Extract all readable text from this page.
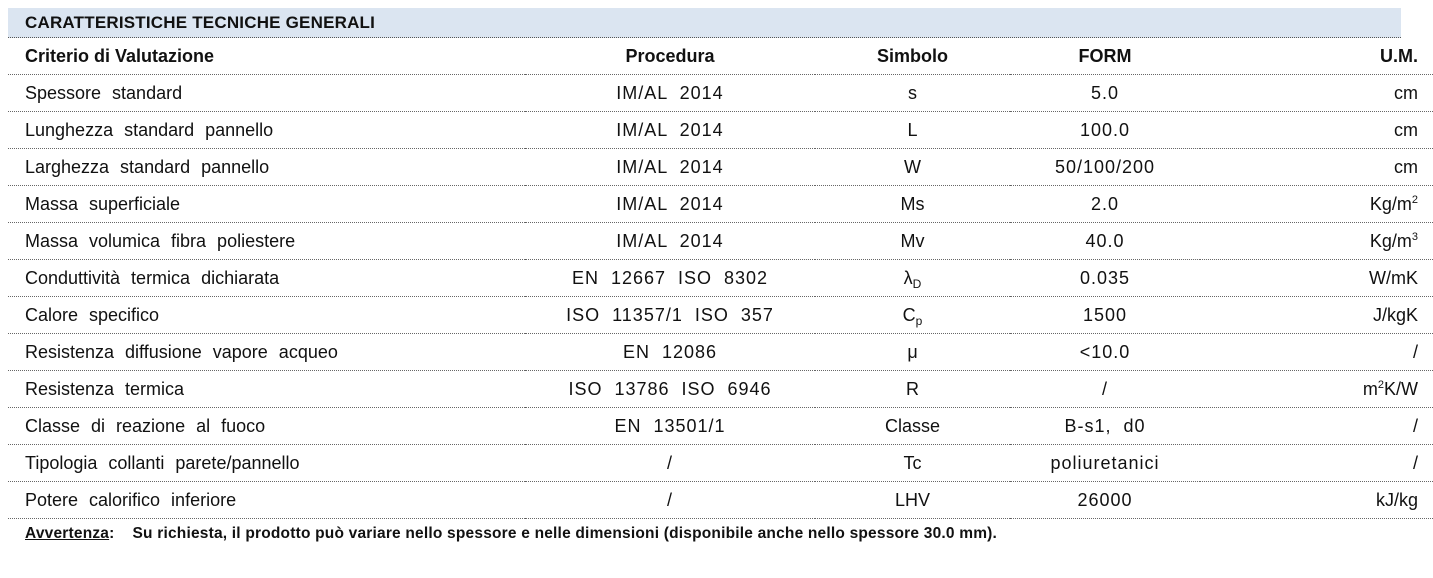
CARATTERISTICHE TECNICHE GENERALI
Criterio di Valutazione	Procedura	Simbolo	FORM	U.M.
Spessore standard	IM/AL 2014	s	5.0	cm
Lunghezza standard pannello	IM/AL 2014	L	100.0	cm
Larghezza standard pannello	IM/AL 2014	W	50/100/200	cm
Massa superficiale	IM/AL 2014	Ms	2.0	$Kg/m^2$
Massa volumica fibra poliestere	IM/AL 2014	Mv	40.0	$Kg/m^3$
Conduttività termica dichiarata	EN 12667 ISO 8302	$\lambda_D$	0.035	W/mK
Calore specifico	ISO 11357/1 ISO 357	$C_p$	1500	J/kgK
Resistenza diffusione vapore acqueo	EN 12086	μ	<10.0	/
Resistenza termica	ISO 13786 ISO 6946	R	/	$m^2K/W$
Classe di reazione al fuoco	EN 13501/1	Classe	B-s1, d0	/
Tipologia collanti parete/pannello	/	Tc	poliuretanici	/
Potere calorifico inferiore	/	LHV	26000	kJ/kg
Avvertenza:	Su richiesta, il prodotto può variare nello spessore e nelle dimensioni (disponibile anche nello spessore 30.0 mm).
